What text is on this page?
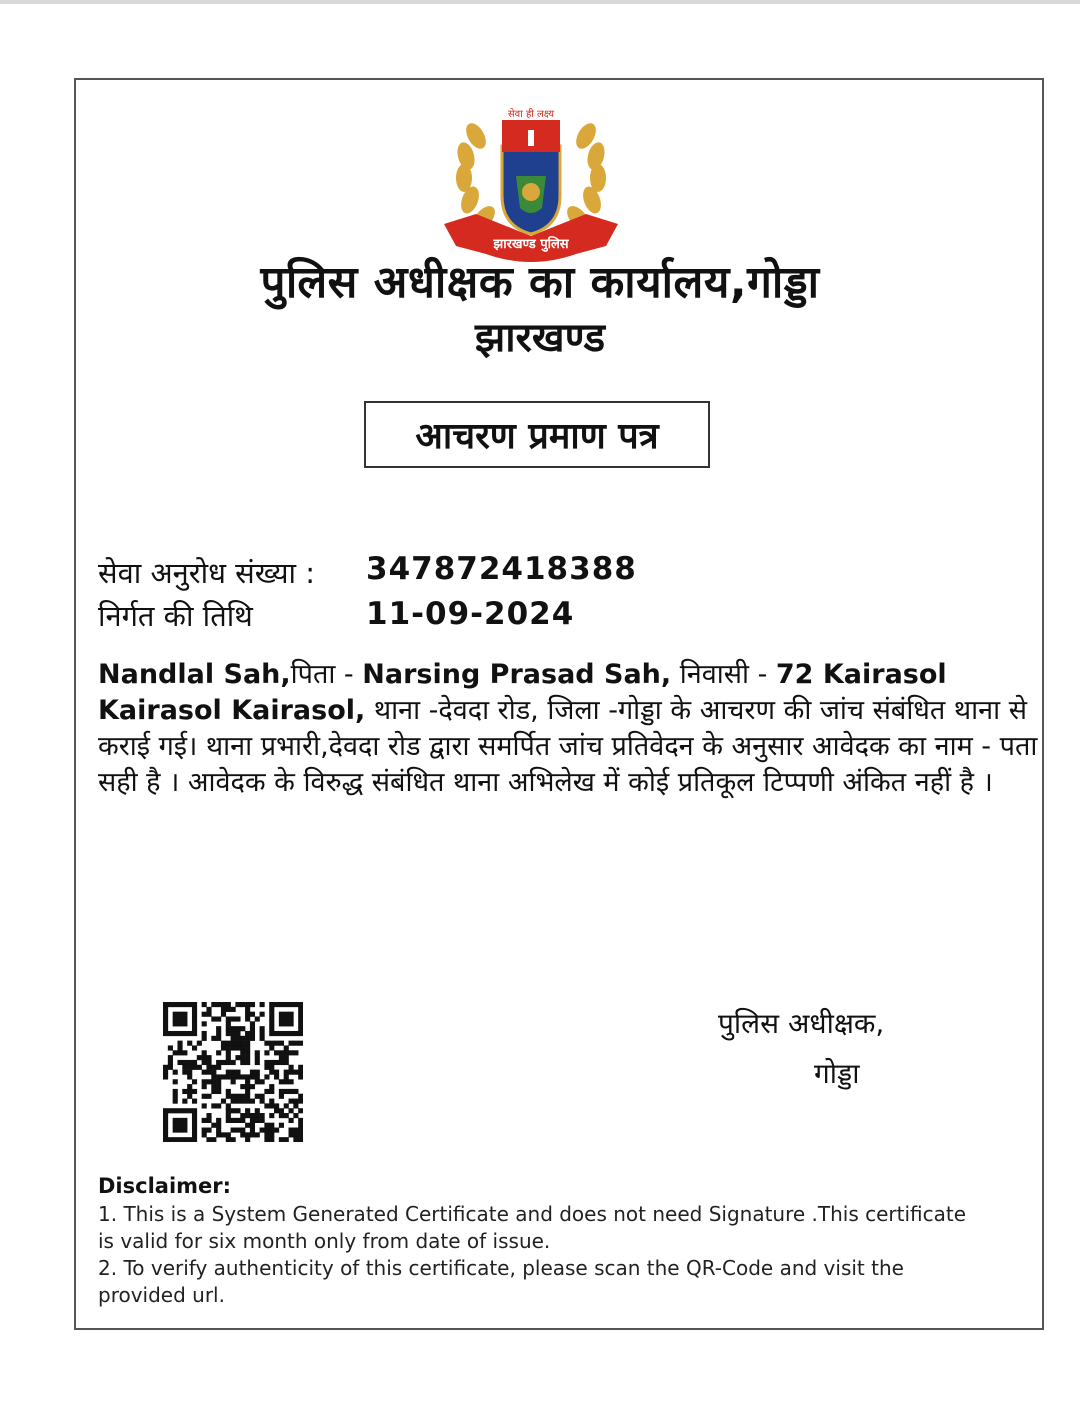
सेवा ही लक्ष्य
झारखण्ड पुलिस
पुलिस अधीक्षक का कार्यालय,गोड्डा
झारखण्ड
आचरण प्रमाण पत्र
सेवा अनुरोध संख्या : 347872418388
निर्गत की तिथि	11-09-2024
Nandlal Sah,पिता - Narsing Prasad Sah, निवासी - 72 Kairasol Kairasol Kairasol, थाना -देवदा रोड, जिला -गोड्डा के आचरण की जांच संबंधित थाना से कराई गई। थाना प्रभारी,देवदा रोड द्वारा समर्पित जांच प्रतिवेदन के अनुसार आवेदक का नाम - पता सही है । आवेदक के विरुद्ध संबंधित थाना अभिलेख में कोई प्रतिकूल टिप्पणी अंकित नहीं है ।
पुलिस अधीक्षक,
गोड्डा
Disclaimer:
1. This is a System Generated Certificate and does not need Signature .This certificate is valid for six month only from date of issue.
2. To verify authenticity of this certificate, please scan the QR-Code and visit the provided url.
